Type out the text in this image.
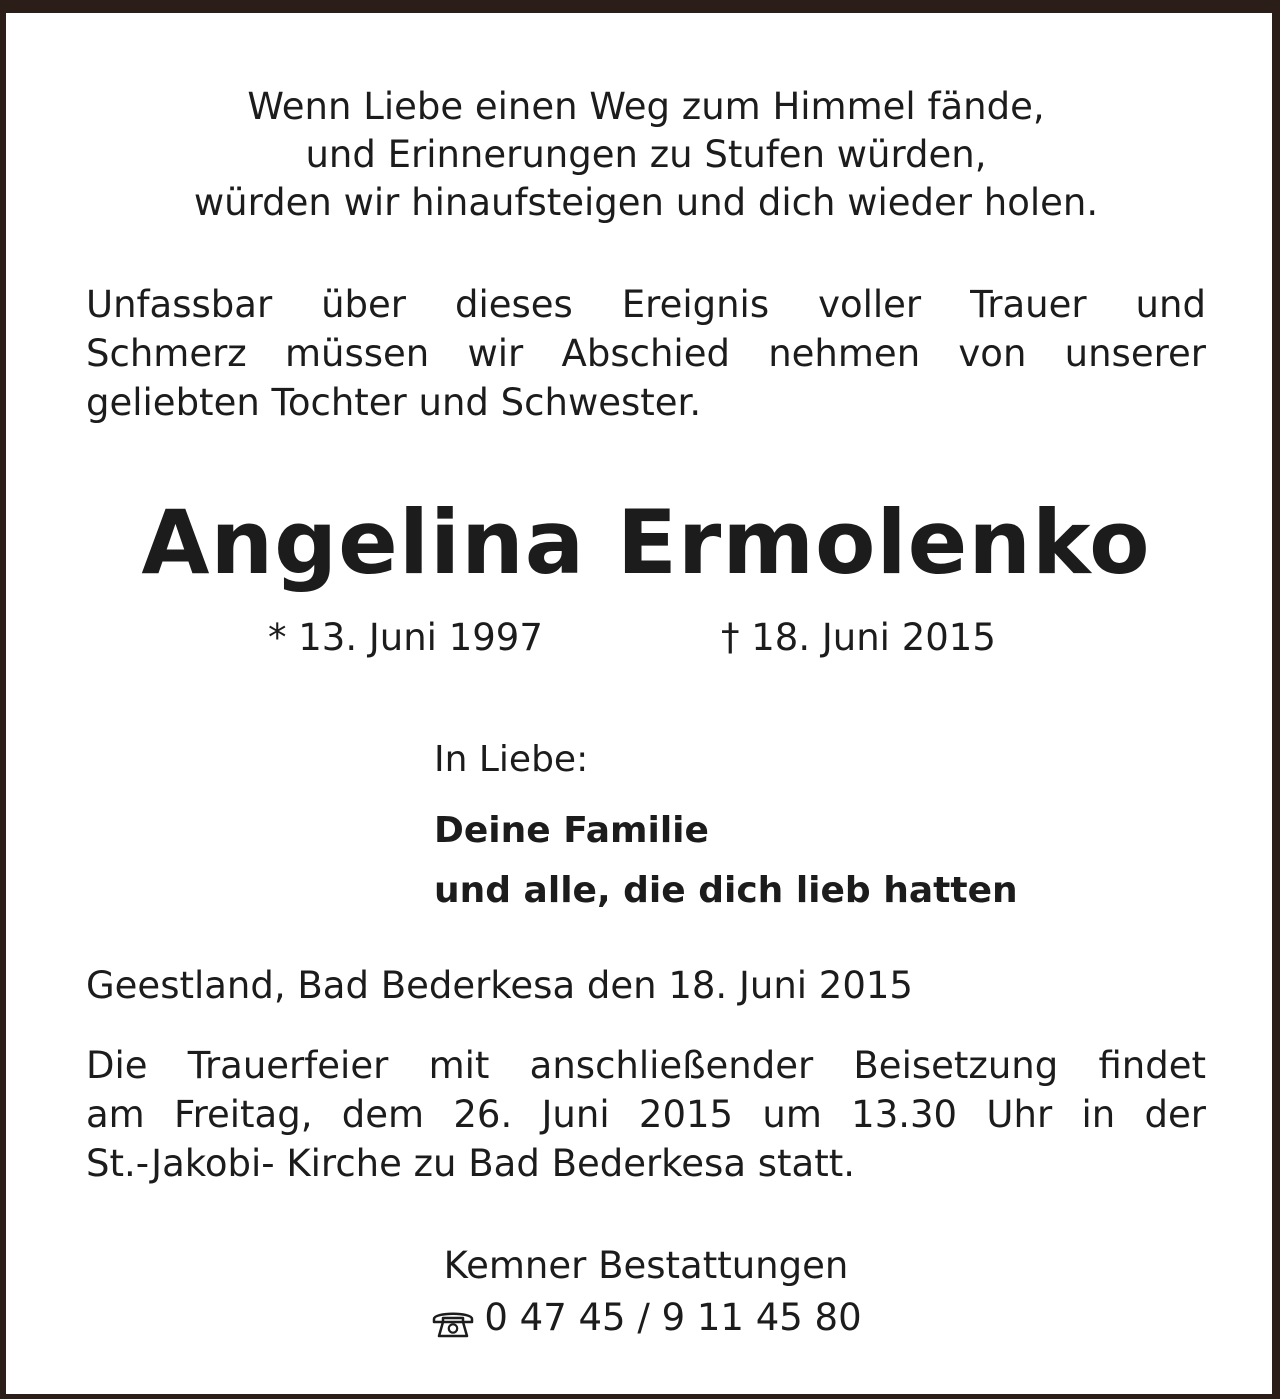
Wenn Liebe einen Weg zum Himmel fände,
und Erinnerungen zu Stufen würden,
würden wir hinaufsteigen und dich wieder holen.
Unfassbar über dieses Ereignis voller Trauer und
Schmerz müssen wir Abschied nehmen von unserer
geliebten Tochter und Schwester.
Angelina Ermolenko
* 13. Juni 1997	† 18. Juni 2015
In Liebe:
Deine Familie
und alle, die dich lieb hatten
Geestland, Bad Bederkesa den 18. Juni 2015
Die Trauerfeier mit anschließender Beisetzung findet
am Freitag, dem 26. Juni 2015 um 13.30 Uhr in der
St.-Jakobi- Kirche zu Bad Bederkesa statt.
Kemner Bestattungen
0 47 45 / 9 11 45 80
